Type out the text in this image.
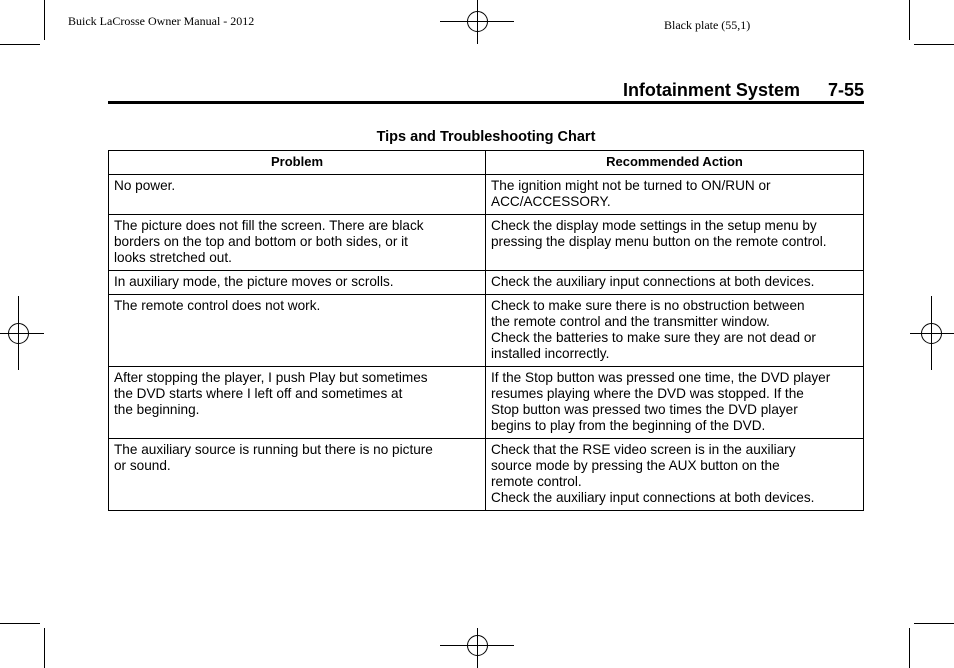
Buick LaCrosse Owner Manual - 2012	Black plate (55,1)
Infotainment System 7-55
Tips and Troubleshooting Chart
Problem	Recommended Action

No power.	The ignition might not be turned to ON/RUN or
ACC/ACCESSORY.

The picture does not fill the screen. There are black
borders on the top and bottom or both sides, or it
looks stretched out.	Check the display mode settings in the setup menu by
pressing the display menu button on the remote control.

In auxiliary mode, the picture moves or scrolls.	Check the auxiliary input connections at both devices.

The remote control does not work.	Check to make sure there is no obstruction between
the remote control and the transmitter window.
Check the batteries to make sure they are not dead or
installed incorrectly.

After stopping the player, I push Play but sometimes
the DVD starts where I left off and sometimes at
the beginning.	If the Stop button was pressed one time, the DVD player
resumes playing where the DVD was stopped. If the
Stop button was pressed two times the DVD player
begins to play from the beginning of the DVD.

The auxiliary source is running but there is no picture
or sound.	Check that the RSE video screen is in the auxiliary
source mode by pressing the AUX button on the
remote control.
Check the auxiliary input connections at both devices.
